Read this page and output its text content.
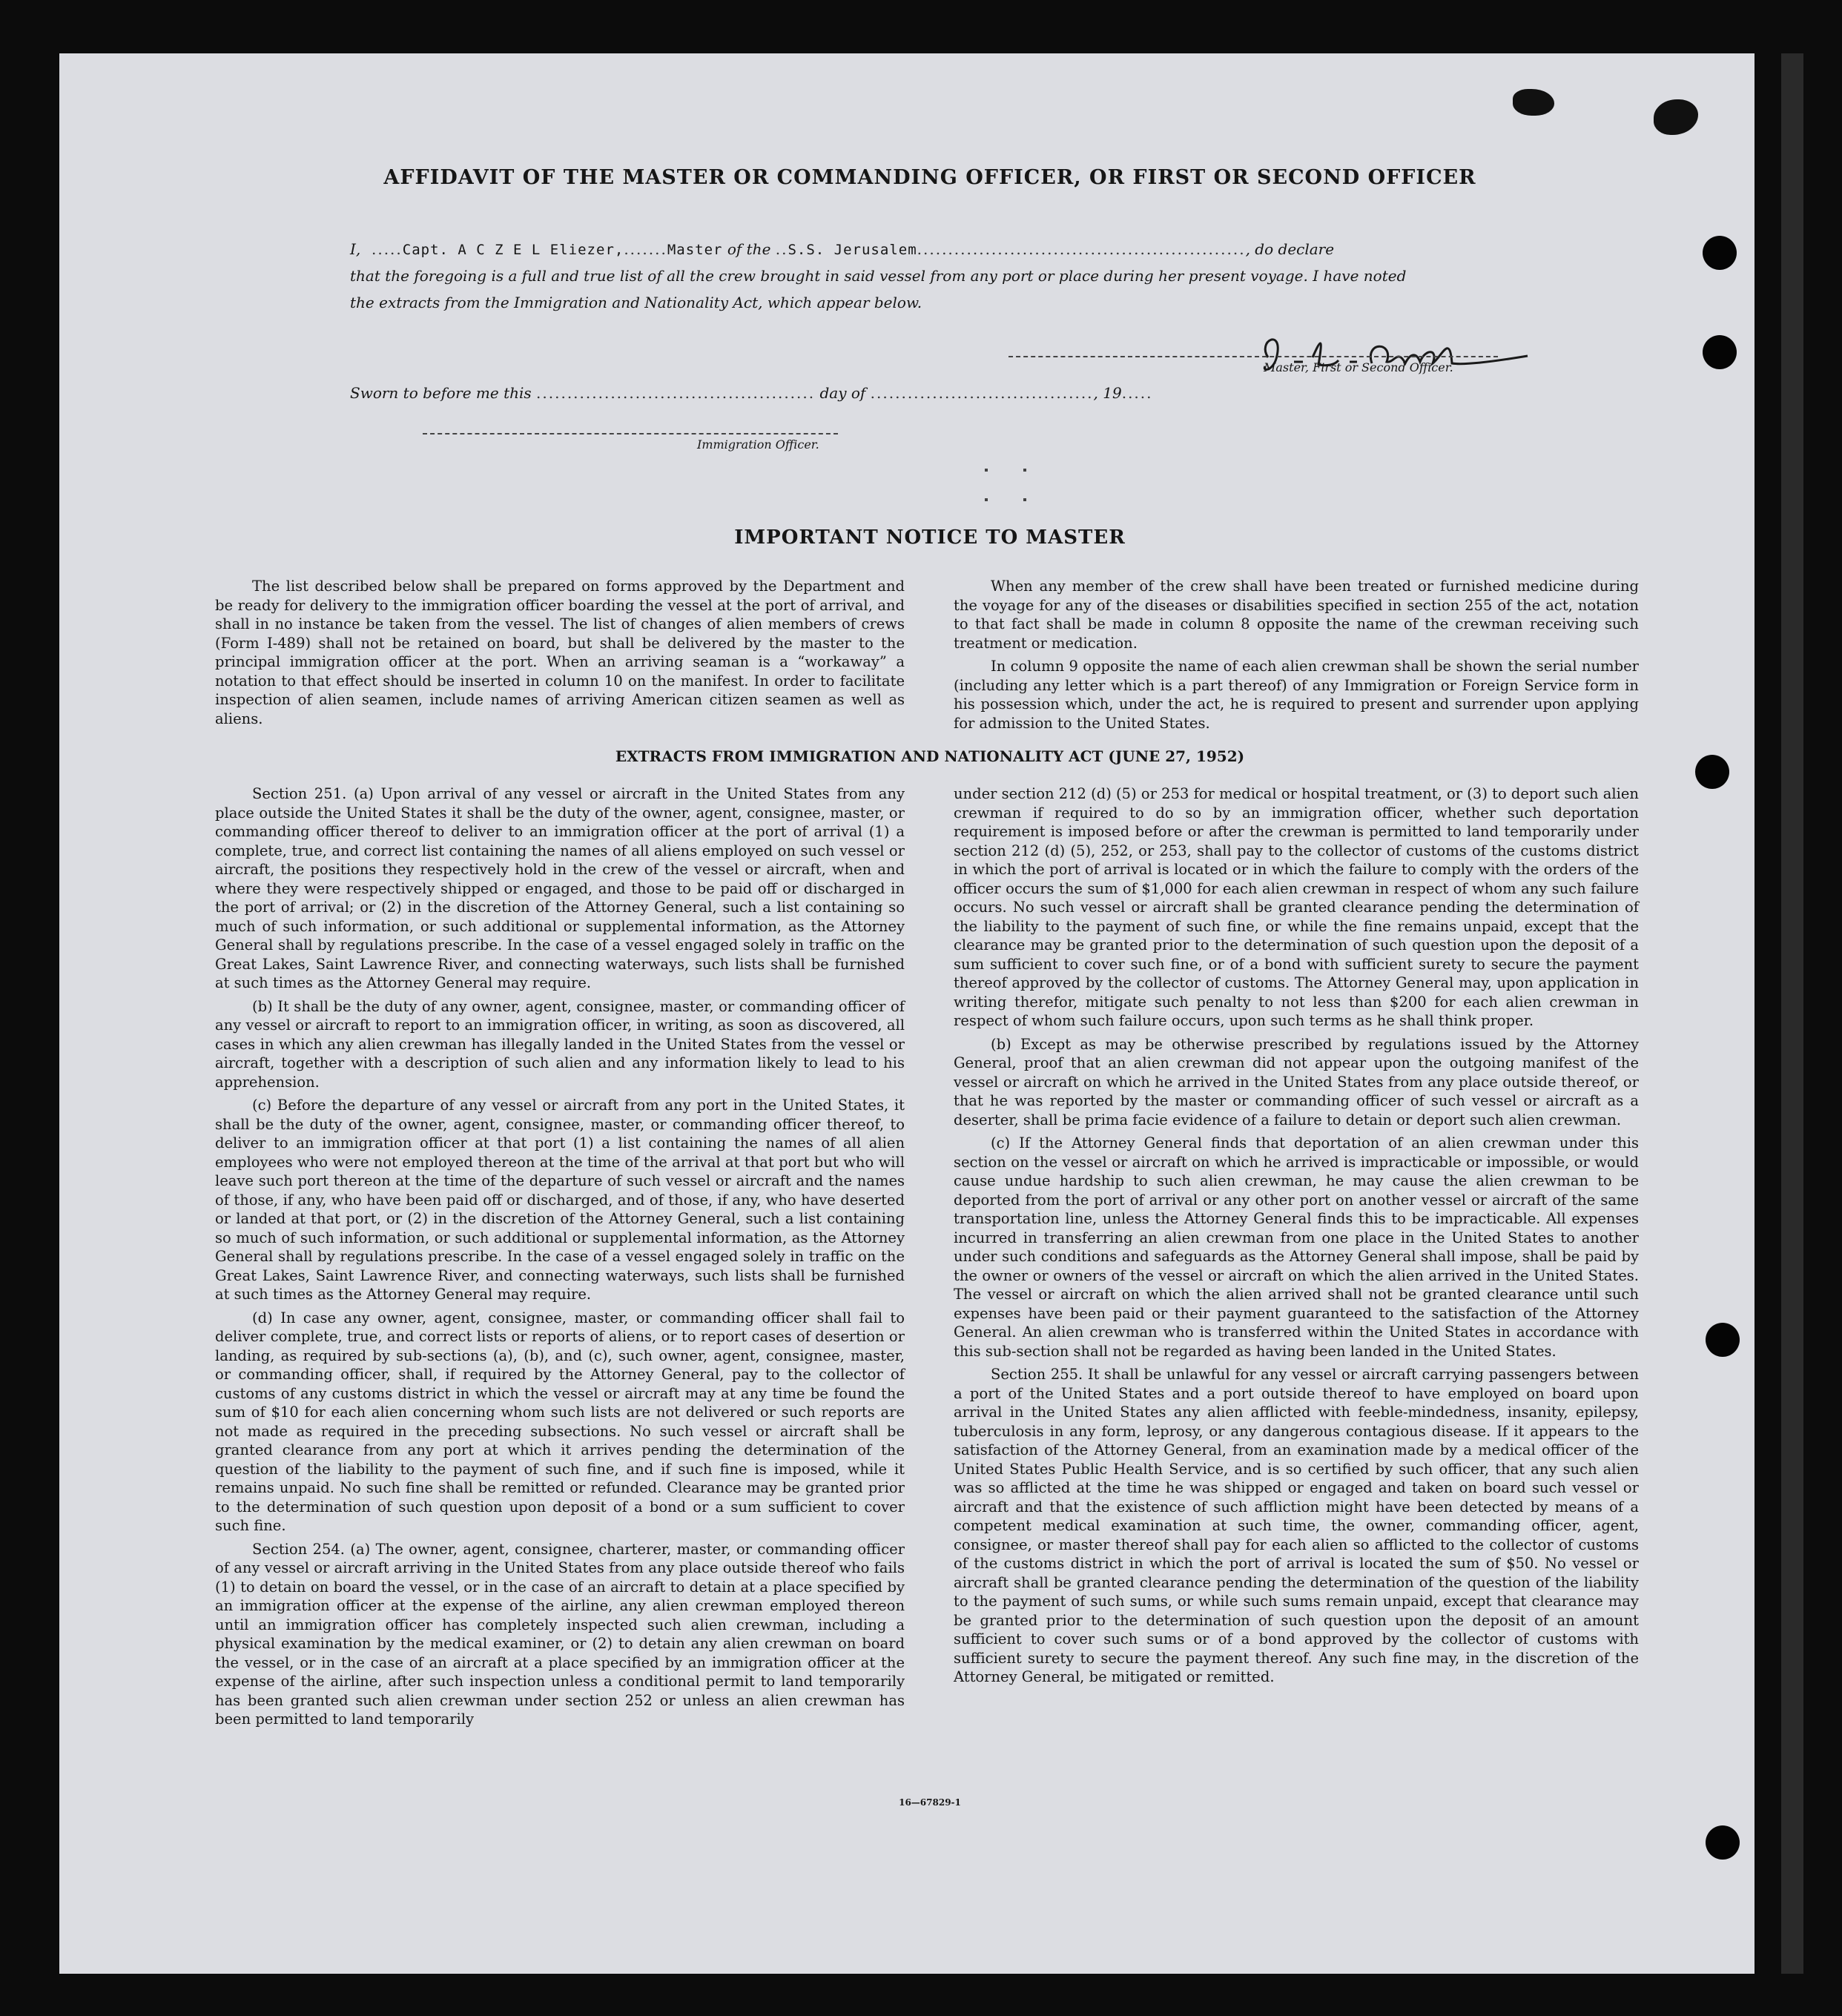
AFFIDAVIT OF THE MASTER OR COMMANDING OFFICER, OR FIRST OR SECOND OFFICER
I,  .....Capt. A C Z E L Eliezer,.......Master of the ..S.S. Jerusalem....................................................., do declare
that the foregoing is a full and true list of all the crew brought in said vessel from any port or place during her present voyage. I have noted
the extracts from the Immigration and Nationality Act, which appear below.
Master, First or Second Officer.
Sworn to before me this ............................................. day of ...................................., 19.....
Immigration Officer.
IMPORTANT NOTICE TO MASTER

The list described below shall be prepared on forms approved by the Department and be ready for delivery to the immigration officer boarding the vessel at the port of arrival, and shall in no instance be taken from the vessel. The list of changes of alien members of crews (Form I-489) shall not be retained on board, but shall be delivered by the master to the principal immigration officer at the port. When an arriving seaman is a “workaway” a notation to that effect should be inserted in column 10 on the manifest. In order to facilitate inspection of alien seamen, include names of arriving American citizen seamen as well as aliens.

When any member of the crew shall have been treated or furnished medicine during the voyage for any of the diseases or disabilities specified in section 255 of the act, notation to that fact shall be made in column 8 opposite the name of the crewman receiving such treatment or medication.

In column 9 opposite the name of each alien crewman shall be shown the serial number (including any letter which is a part thereof) of any Immigration or Foreign Service form in his possession which, under the act, he is required to present and surrender upon applying for admission to the United States.

EXTRACTS FROM IMMIGRATION AND NATIONALITY ACT (JUNE 27, 1952)

Section 251. (a) Upon arrival of any vessel or aircraft in the United States from any place outside the United States it shall be the duty of the owner, agent, consignee, master, or commanding officer thereof to deliver to an immigration officer at the port of arrival (1) a complete, true, and correct list containing the names of all aliens employed on such vessel or aircraft, the positions they respectively hold in the crew of the vessel or aircraft, when and where they were respectively shipped or engaged, and those to be paid off or discharged in the port of arrival; or (2) in the discretion of the Attorney General, such a list containing so much of such information, or such additional or supplemental information, as the Attorney General shall by regulations prescribe. In the case of a vessel engaged solely in traffic on the Great Lakes, Saint Lawrence River, and connecting waterways, such lists shall be furnished at such times as the Attorney General may require.

(b) It shall be the duty of any owner, agent, consignee, master, or commanding officer of any vessel or aircraft to report to an immigration officer, in writing, as soon as discovered, all cases in which any alien crewman has illegally landed in the United States from the vessel or aircraft, together with a description of such alien and any information likely to lead to his apprehension.

(c) Before the departure of any vessel or aircraft from any port in the United States, it shall be the duty of the owner, agent, consignee, master, or commanding officer thereof, to deliver to an immigration officer at that port (1) a list containing the names of all alien employees who were not employed thereon at the time of the arrival at that port but who will leave such port thereon at the time of the departure of such vessel or aircraft and the names of those, if any, who have been paid off or discharged, and of those, if any, who have deserted or landed at that port, or (2) in the discretion of the Attorney General, such a list containing so much of such information, or such additional or supplemental information, as the Attorney General shall by regulations prescribe. In the case of a vessel engaged solely in traffic on the Great Lakes, Saint Lawrence River, and connecting waterways, such lists shall be furnished at such times as the Attorney General may require.

(d) In case any owner, agent, consignee, master, or commanding officer shall fail to deliver complete, true, and correct lists or reports of aliens, or to report cases of desertion or landing, as required by sub-sections (a), (b), and (c), such owner, agent, consignee, master, or commanding officer, shall, if required by the Attorney General, pay to the collector of customs of any customs district in which the vessel or aircraft may at any time be found the sum of $10 for each alien concerning whom such lists are not delivered or such reports are not made as required in the preceding subsections. No such vessel or aircraft shall be granted clearance from any port at which it arrives pending the determination of the question of the liability to the payment of such fine, and if such fine is imposed, while it remains unpaid. No such fine shall be remitted or refunded. Clearance may be granted prior to the determination of such question upon deposit of a bond or a sum sufficient to cover such fine.

Section 254. (a) The owner, agent, consignee, charterer, master, or commanding officer of any vessel or aircraft arriving in the United States from any place outside thereof who fails (1) to detain on board the vessel, or in the case of an aircraft to detain at a place specified by an immigration officer at the expense of the airline, any alien crewman employed thereon until an immigration officer has completely inspected such alien crewman, including a physical examination by the medical examiner, or (2) to detain any alien crewman on board the vessel, or in the case of an aircraft at a place specified by an immigration officer at the expense of the airline, after such inspection unless a conditional permit to land temporarily has been granted such alien crewman under section 252 or unless an alien crewman has been permitted to land temporarily

under section 212 (d) (5) or 253 for medical or hospital treatment, or (3) to deport such alien crewman if required to do so by an immigration officer, whether such deportation requirement is imposed before or after the crewman is permitted to land temporarily under section 212 (d) (5), 252, or 253, shall pay to the collector of customs of the customs district in which the port of arrival is located or in which the failure to comply with the orders of the officer occurs the sum of $1,000 for each alien crewman in respect of whom any such failure occurs. No such vessel or aircraft shall be granted clearance pending the determination of the liability to the payment of such fine, or while the fine remains unpaid, except that the clearance may be granted prior to the determination of such question upon the deposit of a sum sufficient to cover such fine, or of a bond with sufficient surety to secure the payment thereof approved by the collector of customs. The Attorney General may, upon application in writing therefor, mitigate such penalty to not less than $200 for each alien crewman in respect of whom such failure occurs, upon such terms as he shall think proper.

(b) Except as may be otherwise prescribed by regulations issued by the Attorney General, proof that an alien crewman did not appear upon the outgoing manifest of the vessel or aircraft on which he arrived in the United States from any place outside thereof, or that he was reported by the master or commanding officer of such vessel or aircraft as a deserter, shall be prima facie evidence of a failure to detain or deport such alien crewman.

(c) If the Attorney General finds that deportation of an alien crewman under this section on the vessel or aircraft on which he arrived is impracticable or impossible, or would cause undue hardship to such alien crewman, he may cause the alien crewman to be deported from the port of arrival or any other port on another vessel or aircraft of the same transportation line, unless the Attorney General finds this to be impracticable. All expenses incurred in transferring an alien crewman from one place in the United States to another under such conditions and safeguards as the Attorney General shall impose, shall be paid by the owner or owners of the vessel or aircraft on which the alien arrived in the United States. The vessel or aircraft on which the alien arrived shall not be granted clearance until such expenses have been paid or their payment guaranteed to the satisfaction of the Attorney General. An alien crewman who is transferred within the United States in accordance with this sub-section shall not be regarded as having been landed in the United States.

Section 255. It shall be unlawful for any vessel or aircraft carrying passengers between a port of the United States and a port outside thereof to have employed on board upon arrival in the United States any alien afflicted with feeble-mindedness, insanity, epilepsy, tuberculosis in any form, leprosy, or any dangerous contagious disease. If it appears to the satisfaction of the Attorney General, from an examination made by a medical officer of the United States Public Health Service, and is so certified by such officer, that any such alien was so afflicted at the time he was shipped or engaged and taken on board such vessel or aircraft and that the existence of such affliction might have been detected by means of a competent medical examination at such time, the owner, commanding officer, agent, consignee, or master thereof shall pay for each alien so afflicted to the collector of customs of the customs district in which the port of arrival is located the sum of $50. No vessel or aircraft shall be granted clearance pending the determination of the question of the liability to the payment of such sums, or while such sums remain unpaid, except that clearance may be granted prior to the determination of such question upon the deposit of an amount sufficient to cover such sums or of a bond approved by the collector of customs with sufficient surety to secure the payment thereof. Any such fine may, in the discretion of the Attorney General, be mitigated or remitted.

16—67829-1
